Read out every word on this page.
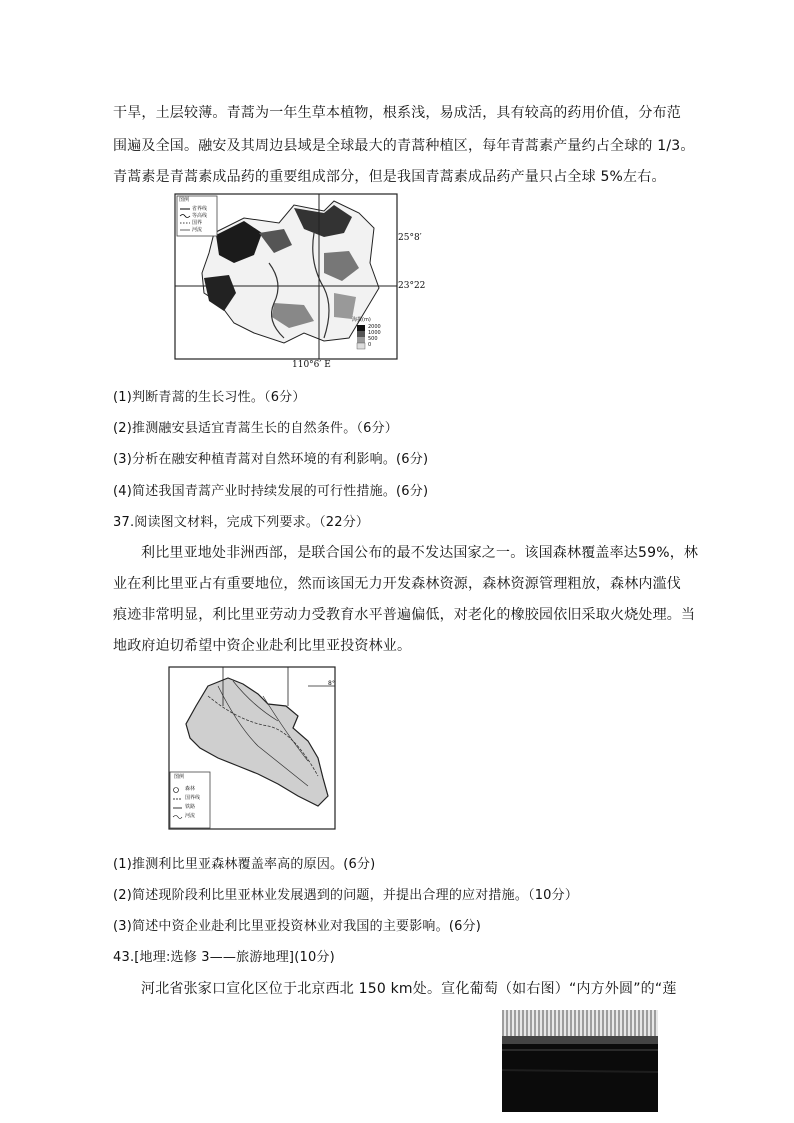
干旱，土层较薄。青蒿为一年生草本植物，根系浅，易成活，具有较高的药用价值，分布范
围遍及全国。融安及其周边县域是全球最大的青蒿种植区，每年青蒿素产量约占全球的 1/3。
青蒿素是青蒿素成品药的重要组成部分，但是我国青蒿素成品药产量只占全球 5%左右。
图例
省界线
等高线
国界
河流
25°8′
23°22
110°6′ E
海拔(m)
2000
1000
500
0
(1)判断青蒿的生长习性。（6分）
(2)推测融安县适宜青蒿生长的自然条件。（6分）
(3)分析在融安种植青蒿对自然环境的有利影响。(6分)
(4)简述我国青蒿产业时持续发展的可行性措施。(6分)
37.阅读图文材料，完成下列要求。（22分）
利比里亚地处非洲西部，是联合国公布的最不发达国家之一。该国森林覆盖率达59%，林
业在利比里亚占有重要地位，然而该国无力开发森林资源，森林资源管理粗放，森林内滥伐
痕迹非常明显，利比里亚劳动力受教育水平普遍偏低，对老化的橡胶园依旧采取火烧处理。当
地政府迫切希望中资企业赴利比里亚投资林业。
图例
森林
国界线
铁路
河流
8°
(1)推测利比里亚森林覆盖率高的原因。(6分)
(2)简述现阶段利比里亚林业发展遇到的问题，并提出合理的应对措施。（10分）
(3)简述中资企业赴利比里亚投资林业对我国的主要影响。(6分)
43.[地理:选修 3——旅游地理](10分)
河北省张家口宣化区位于北京西北 150 km处。宣化葡萄（如右图）“内方外圆”的“莲
